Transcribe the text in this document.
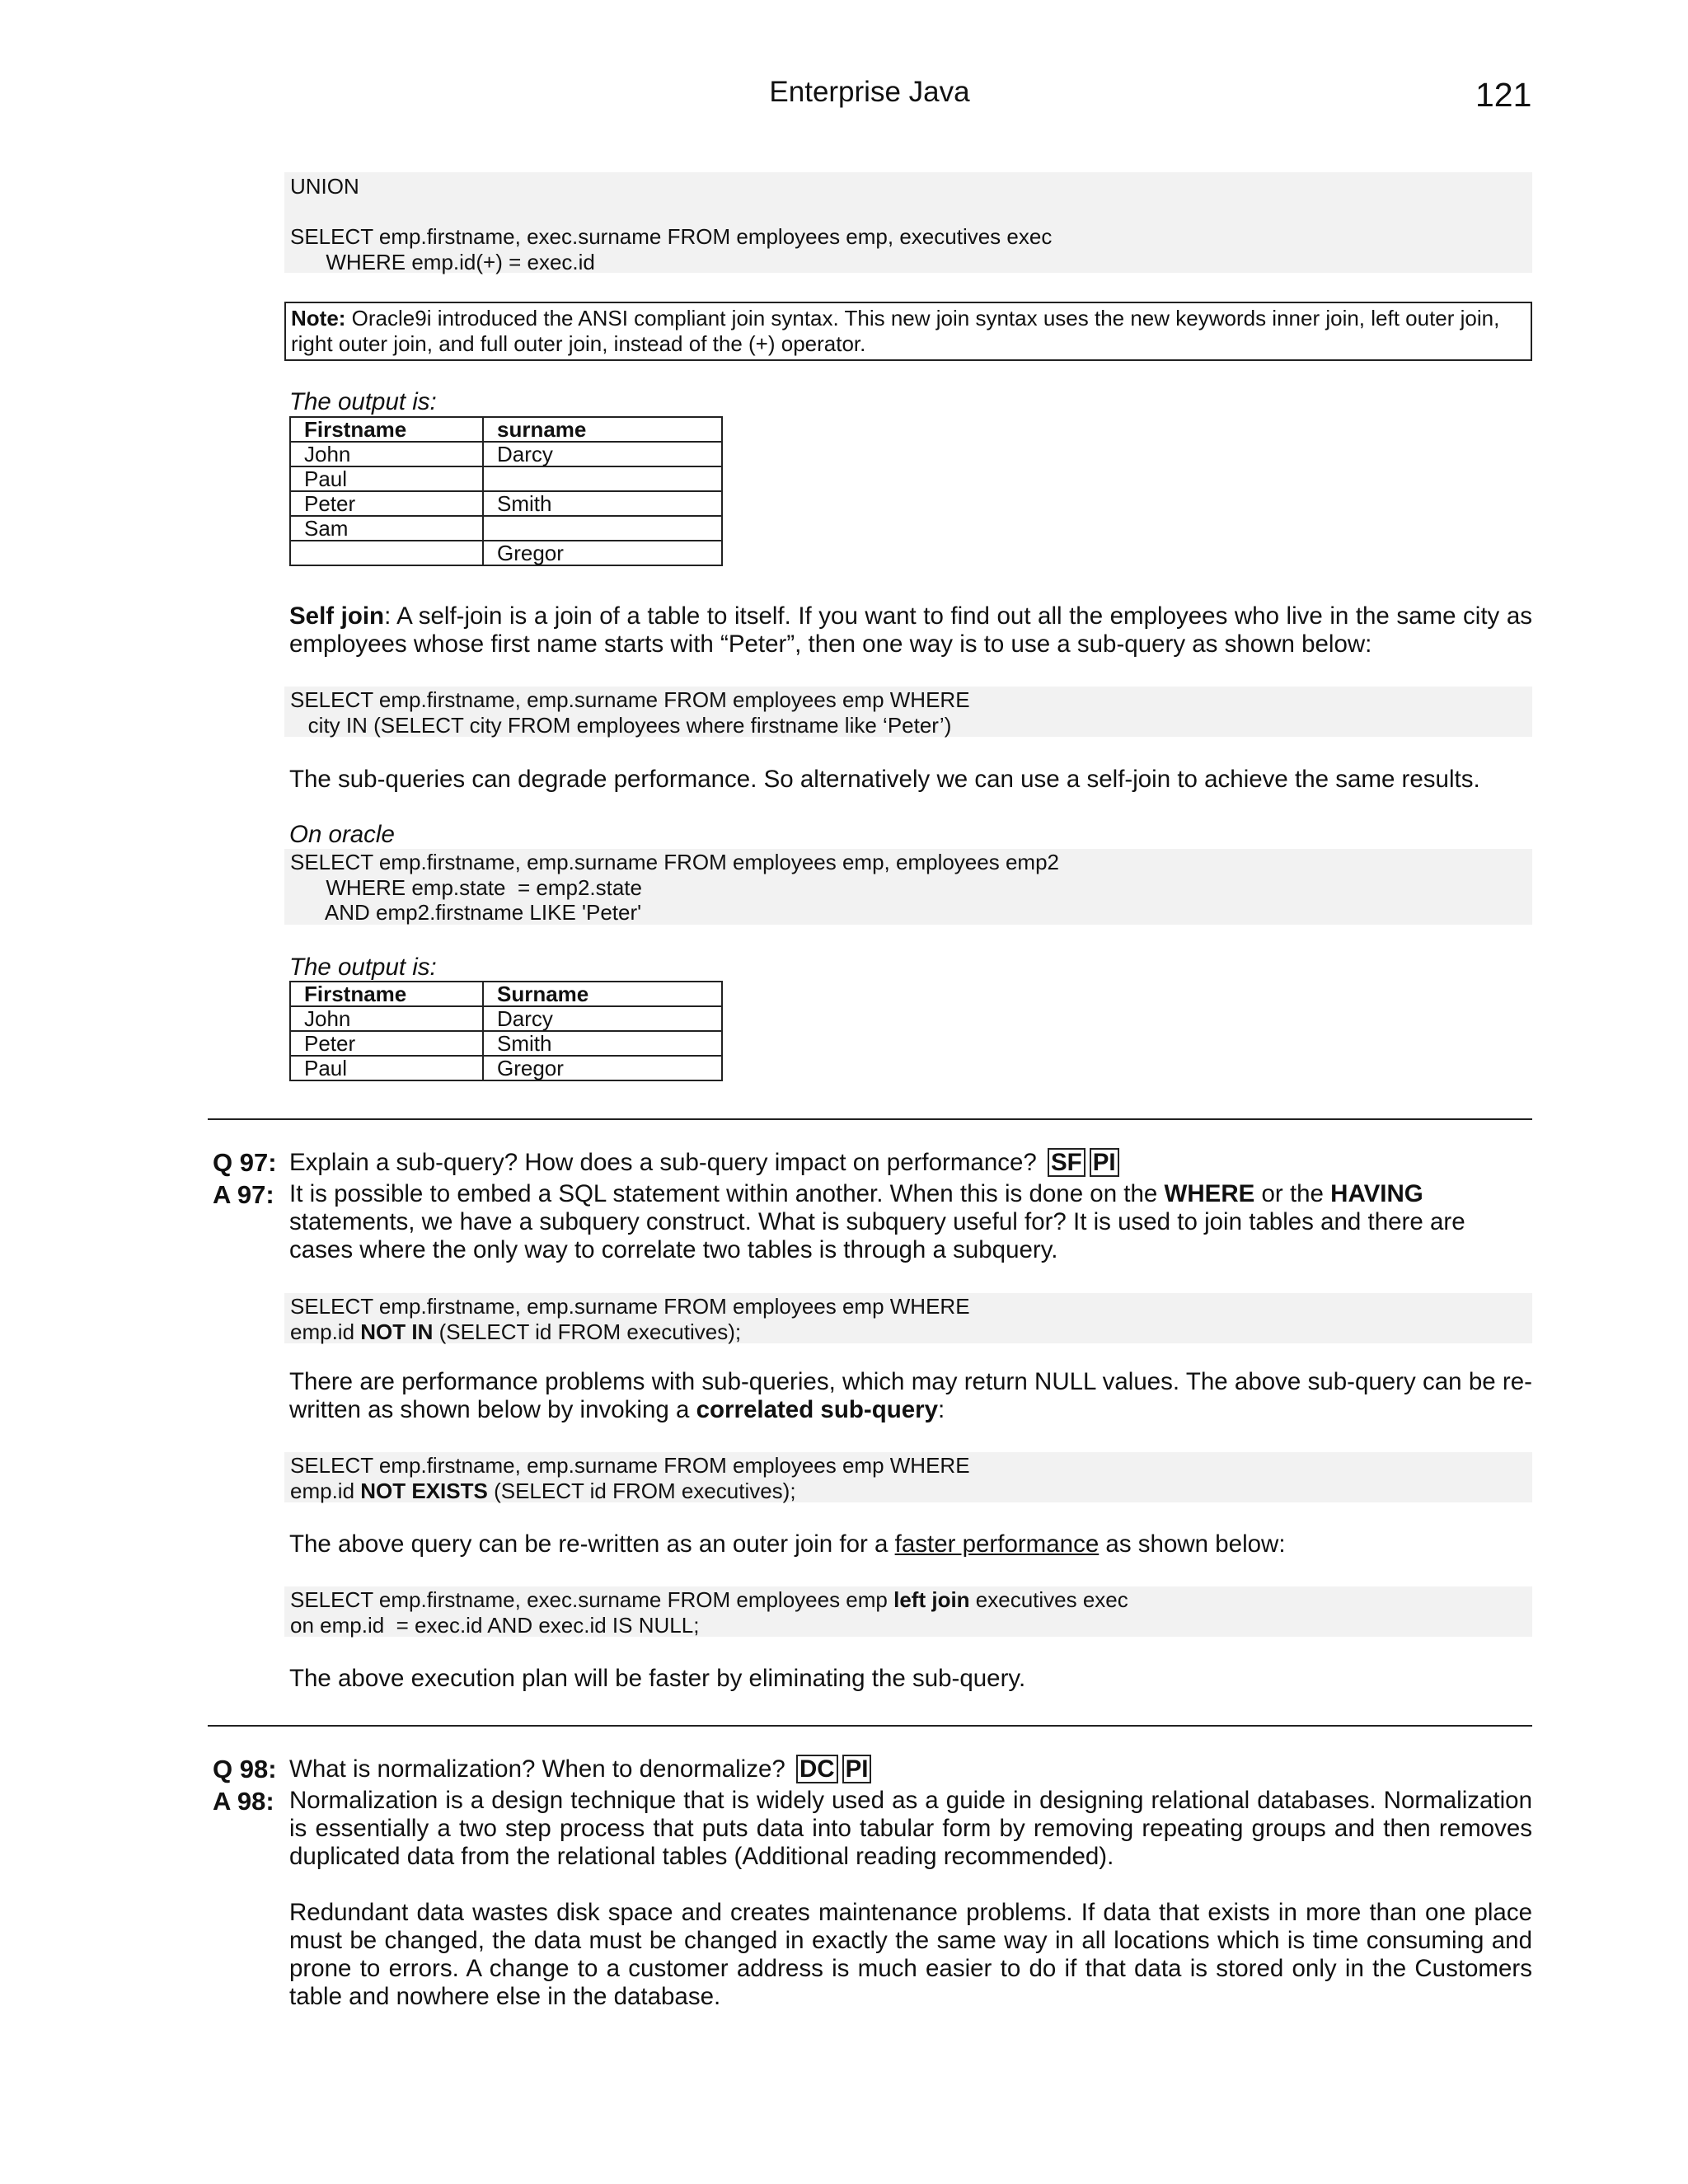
Enterprise Java	121
UNION

SELECT emp.firstname, exec.surname FROM employees emp, executives exec
WHERE emp.id(+) = exec.id
Note: Oracle9i introduced the ANSI compliant join syntax. This new join syntax uses the new keywords inner join, left outer join, right outer join, and full outer join, instead of the (+) operator.
The output is:
Firstname	surname
John	Darcy
Paul	
Peter	Smith
Sam	
	Gregor
Self join: A self-join is a join of a table to itself. If you want to find out all the employees who live in the same city as employees whose first name starts with “Peter”, then one way is to use a sub-query as shown below:
SELECT emp.firstname, emp.surname FROM employees emp WHERE
city IN (SELECT city FROM employees where firstname like ‘Peter’)
The sub-queries can degrade performance. So alternatively we can use a self-join to achieve the same results.
On oracle
SELECT emp.firstname, emp.surname FROM employees emp, employees emp2
WHERE emp.state  = emp2.state
AND emp2.firstname LIKE 'Peter'
The output is:
Firstname	Surname
John	Darcy
Peter	Smith
Paul	Gregor
Q 97: Explain a sub-query? How does a sub-query impact on performance? SF PI
A 97: It is possible to embed a SQL statement within another. When this is done on the WHERE or the HAVING statements, we have a subquery construct. What is subquery useful for? It is used to join tables and there are cases where the only way to correlate two tables is through a subquery.
SELECT emp.firstname, emp.surname FROM employees emp WHERE
emp.id NOT IN (SELECT id FROM executives);
There are performance problems with sub-queries, which may return NULL values. The above sub-query can be re-written as shown below by invoking a correlated sub-query:
SELECT emp.firstname, emp.surname FROM employees emp WHERE
emp.id NOT EXISTS (SELECT id FROM executives);
The above query can be re-written as an outer join for a faster performance as shown below:
SELECT emp.firstname, exec.surname FROM employees emp left join executives exec
on emp.id  = exec.id AND exec.id IS NULL;
The above execution plan will be faster by eliminating the sub-query.
Q 98: What is normalization? When to denormalize? DC PI
A 98: Normalization is a design technique that is widely used as a guide in designing relational databases. Normalization is essentially a two step process that puts data into tabular form by removing repeating groups and then removes duplicated data from the relational tables (Additional reading recommended).
Redundant data wastes disk space and creates maintenance problems. If data that exists in more than one place must be changed, the data must be changed in exactly the same way in all locations which is time consuming and prone to errors. A change to a customer address is much easier to do if that data is stored only in the Customers table and nowhere else in the database.
